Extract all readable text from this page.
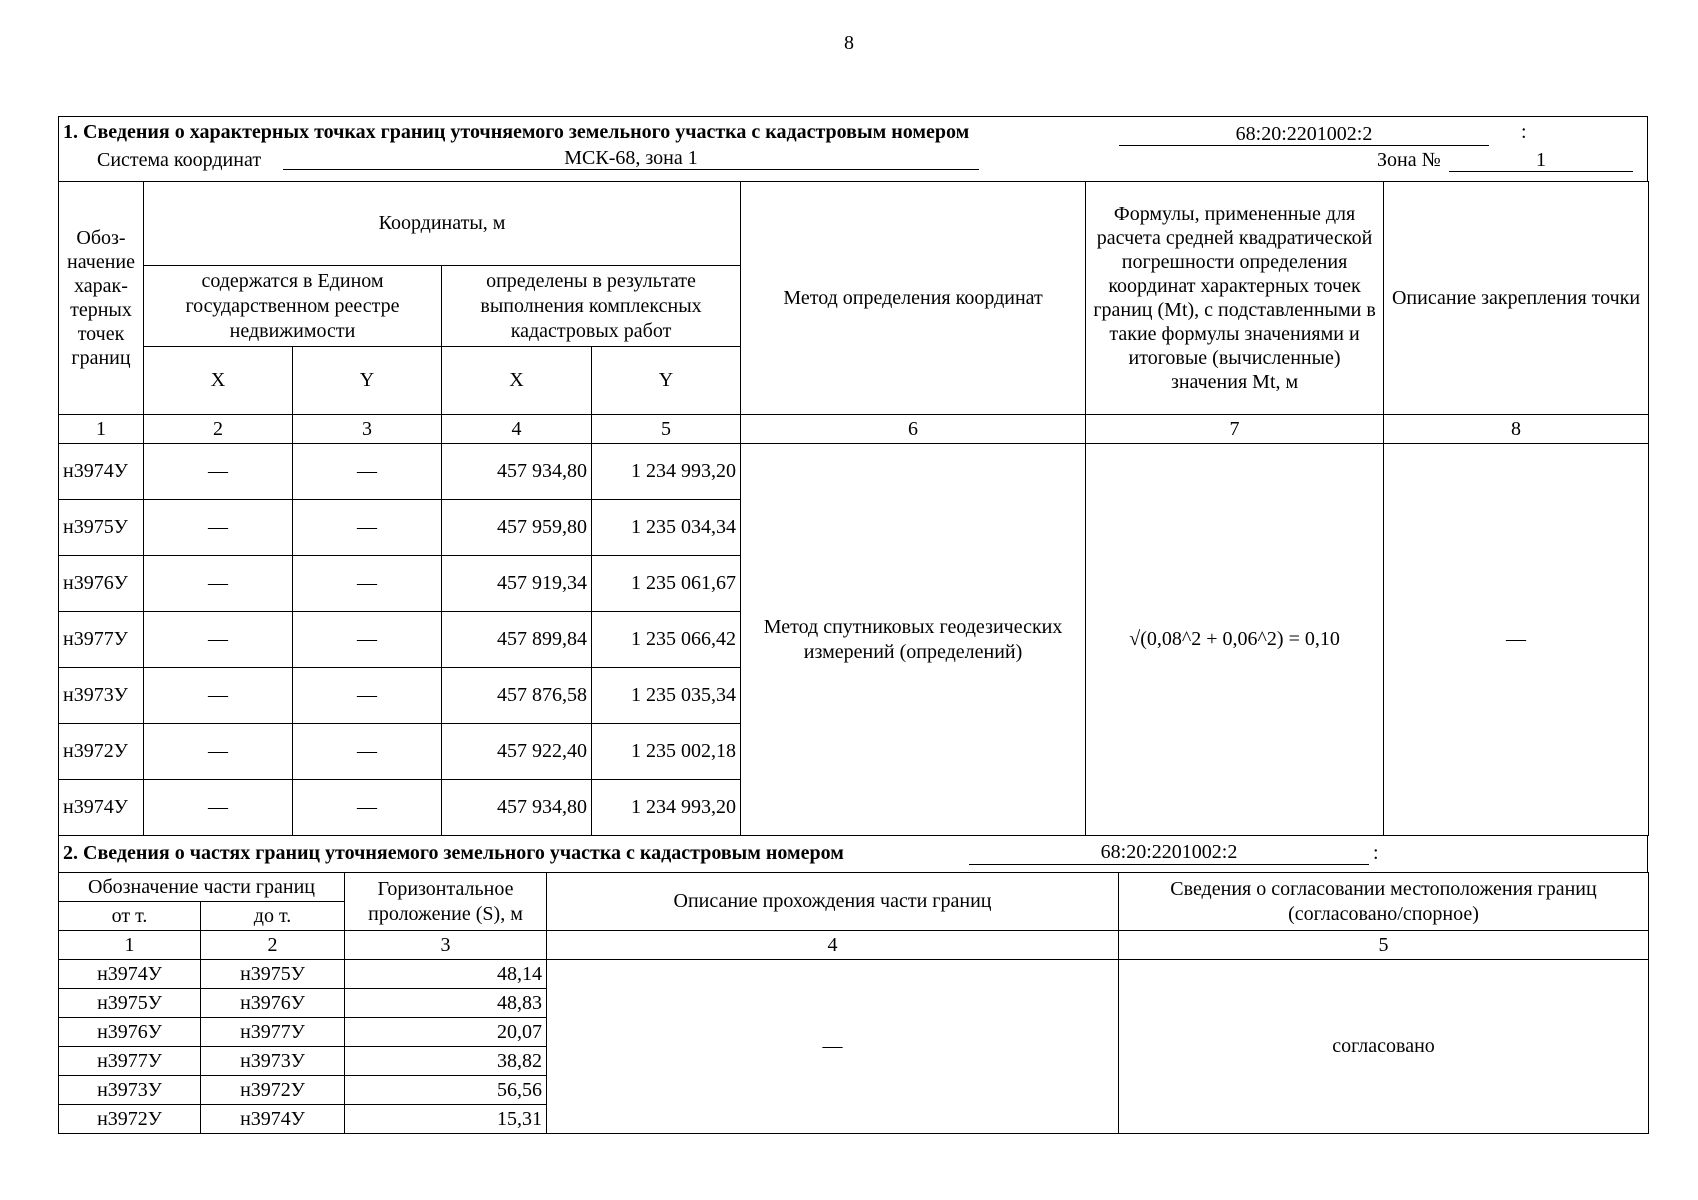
8
1. Сведения о характерных точках границ уточняемого земельного участка с кадастровым номером	68:20:2201002:2	:
Система координат	МСК-68, зона 1	Зона №	1
Обоз-начение харак-терных точек границ	Координаты, м				Метод определения координат	Формулы, примененные для расчета средней квадратической погрешности определения координат характерных точек границ (Mt), с подставленными в такие формулы значениями и итоговые (вычисленные) значения Mt, м	Описание закрепления точки
	содержатся в Едином государственном реестре недвижимости		определены в результате выполнения комплексных кадастровых работ				
	X	Y	X	Y			
1	2	3	4	5	6	7	8
н3974У	—	—	457 934,80	1 234 993,20	Метод спутниковых геодезических измерений (определений)	√(0,08^2 + 0,06^2) = 0,10	—
н3975У	—	—	457 959,80	1 235 034,34			
н3976У	—	—	457 919,34	1 235 061,67			
н3977У	—	—	457 899,84	1 235 066,42			
н3973У	—	—	457 876,58	1 235 035,34			
н3972У	—	—	457 922,40	1 235 002,18			
н3974У	—	—	457 934,80	1 234 993,20			
2. Сведения о частях границ уточняемого земельного участка с кадастровым номером	68:20:2201002:2	:
Обозначение части границ		Горизонтальное проложение (S), м	Описание прохождения части границ	Сведения о согласовании местоположения границ (согласовано/спорное)
от т.	до т.			
1	2	3	4	5
н3974У	н3975У	48,14	—	согласовано
н3975У	н3976У	48,83		
н3976У	н3977У	20,07		
н3977У	н3973У	38,82		
н3973У	н3972У	56,56		
н3972У	н3974У	15,31		
